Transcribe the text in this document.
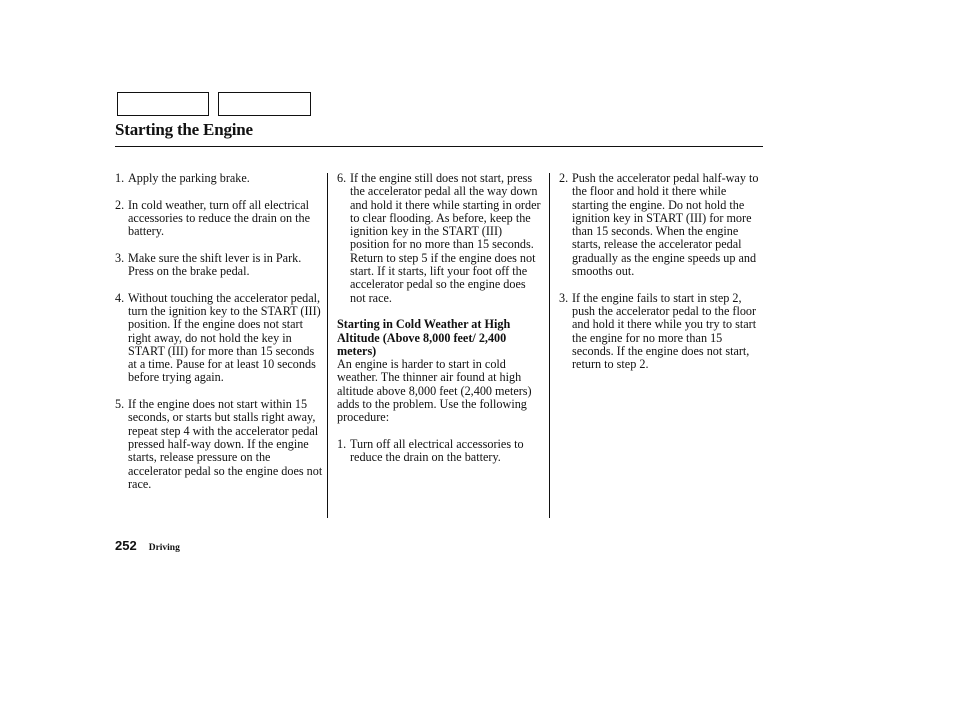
Starting the Engine
1. Apply the parking brake.
2. In cold weather, turn off all electrical accessories to reduce the drain on the battery.
3. Make sure the shift lever is in Park. Press on the brake pedal.
4. Without touching the accelerator pedal, turn the ignition key to the START (III) position. If the engine does not start right away, do not hold the key in START (III) for more than 15 seconds at a time. Pause for at least 10 seconds before trying again.
5. If the engine does not start within 15 seconds, or starts but stalls right away, repeat step 4 with the accelerator pedal pressed half-way down. If the engine starts, release pressure on the accelerator pedal so the engine does not race.
6. If the engine still does not start, press the accelerator pedal all the way down and hold it there while starting in order to clear flooding. As before, keep the ignition key in the START (III) position for no more than 15 seconds. Return to step 5 if the engine does not start. If it starts, lift your foot off the accelerator pedal so the engine does not race.
Starting in Cold Weather at High Altitude (Above 8,000 feet/ 2,400 meters)
An engine is harder to start in cold weather. The thinner air found at high altitude above 8,000 feet (2,400 meters) adds to the problem. Use the following procedure:
1. Turn off all electrical accessories to reduce the drain on the battery.
2. Push the accelerator pedal half-way to the floor and hold it there while starting the engine. Do not hold the ignition key in START (III) for more than 15 seconds. When the engine starts, release the accelerator pedal gradually as the engine speeds up and smooths out.
3. If the engine fails to start in step 2, push the accelerator pedal to the floor and hold it there while you try to start the engine for no more than 15 seconds. If the engine does not start, return to step 2.
252 Driving
